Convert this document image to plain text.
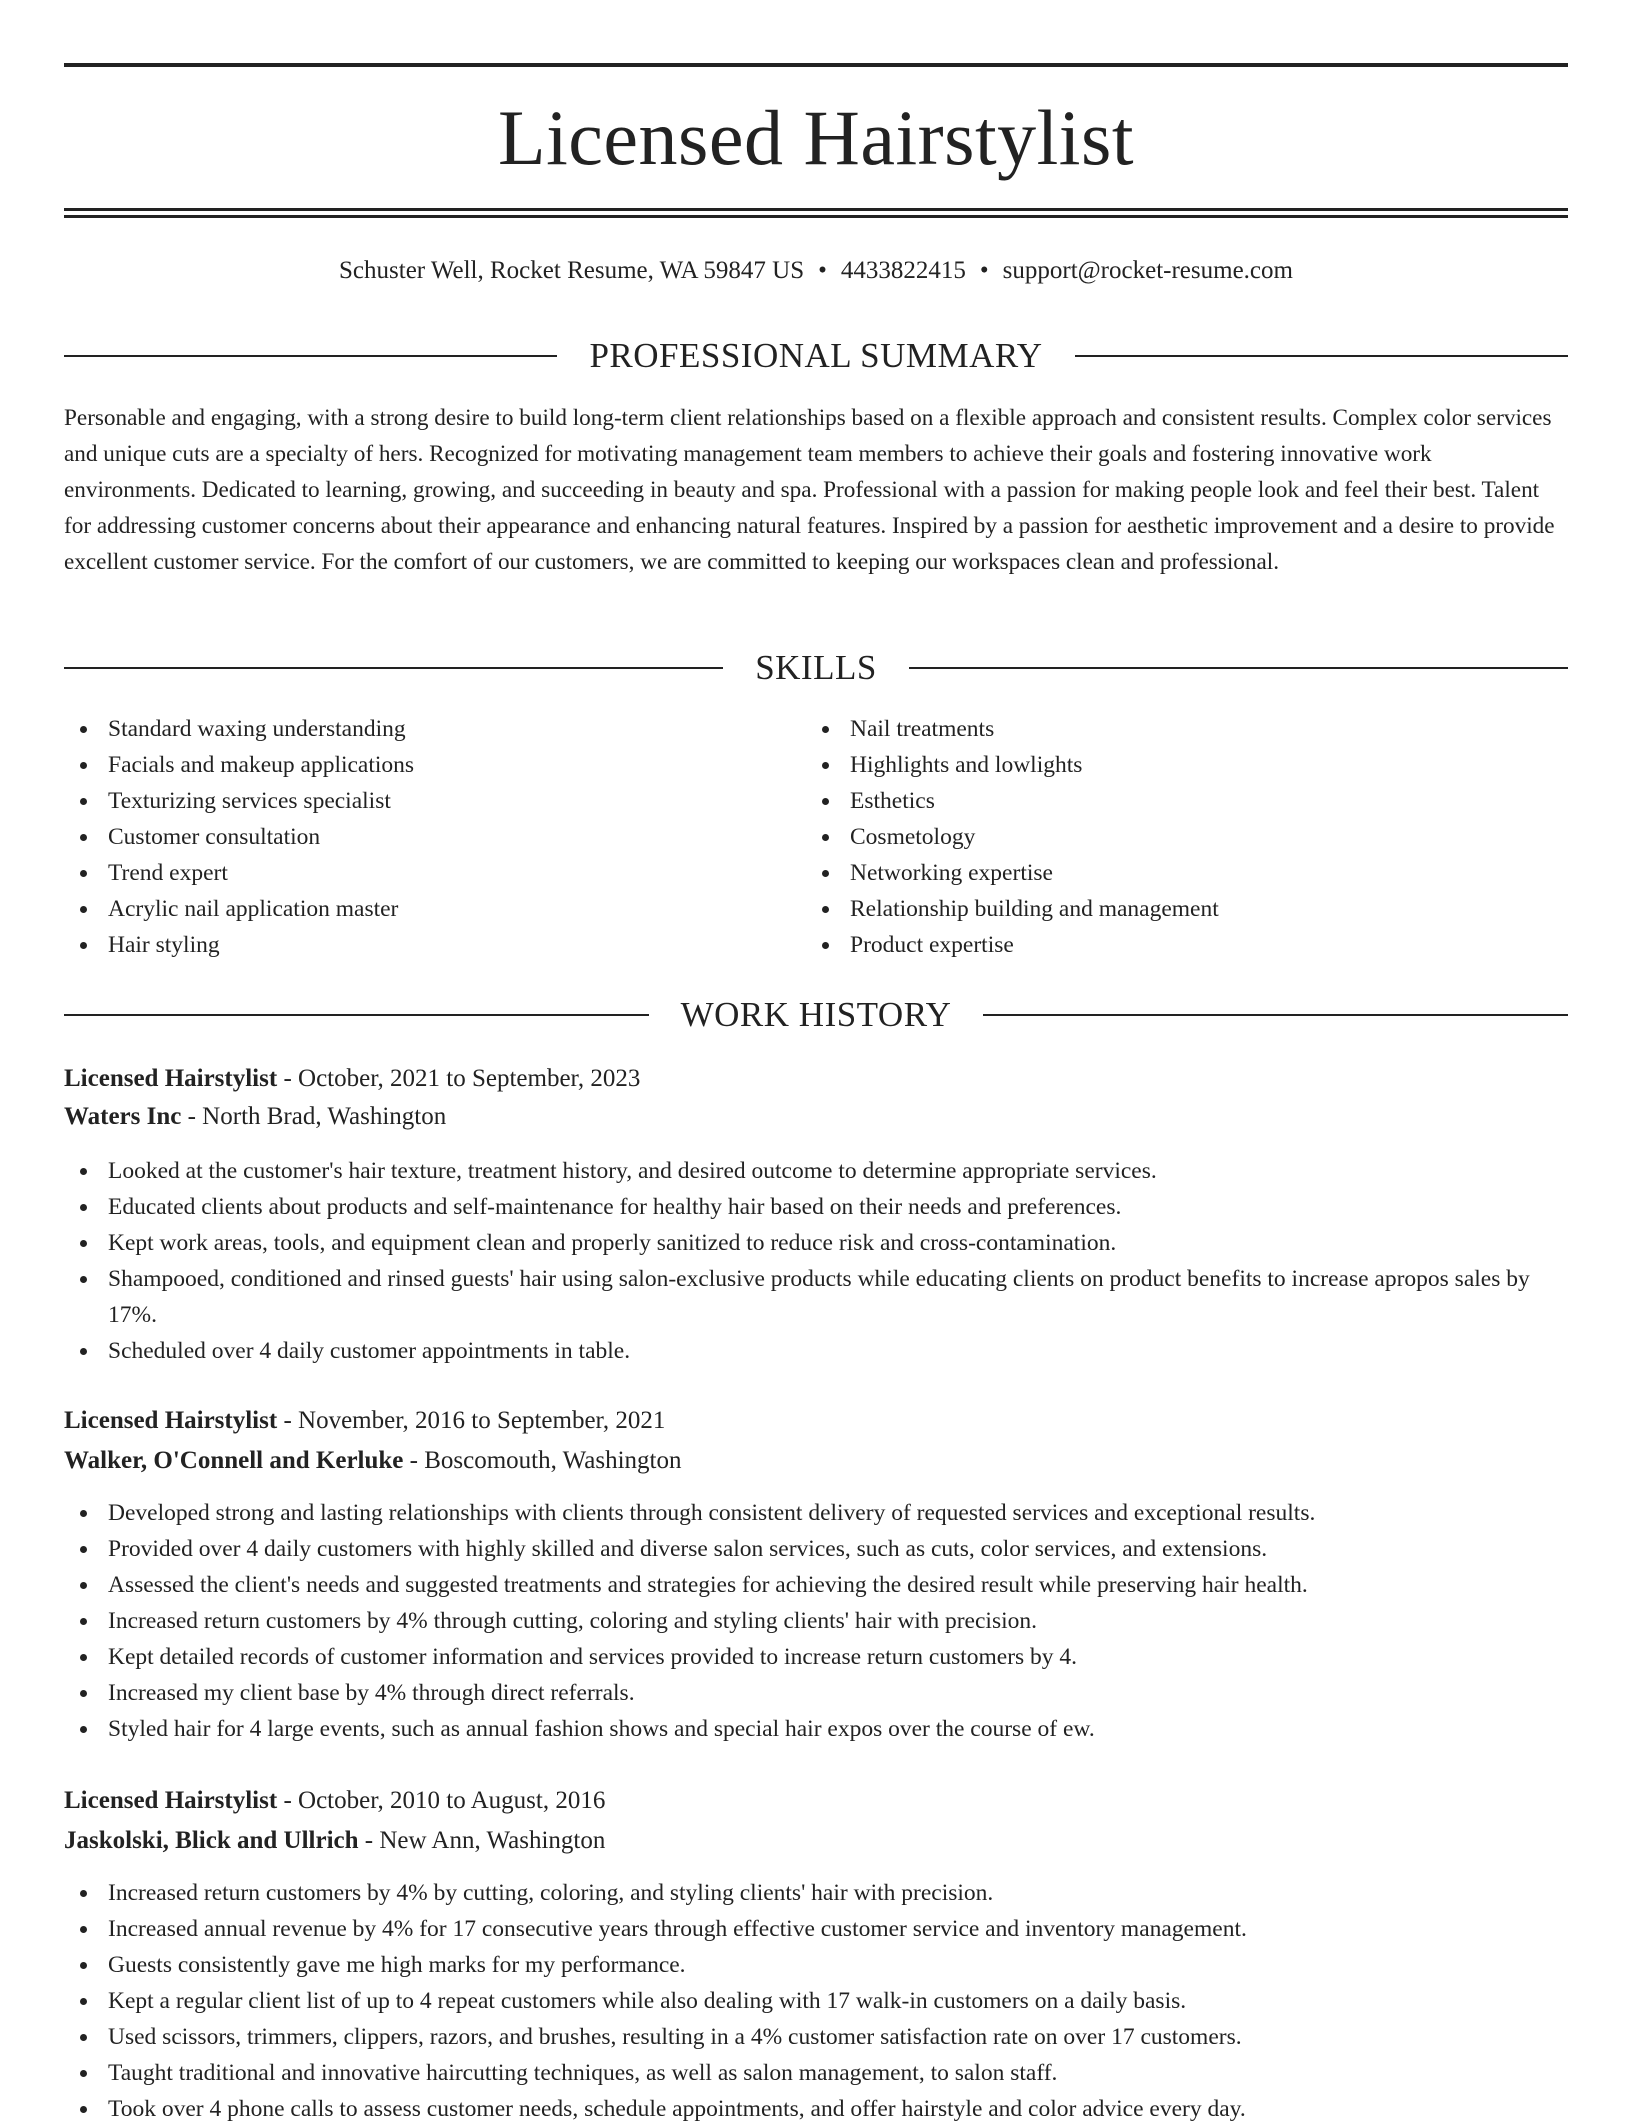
Licensed Hairstylist
Schuster Well, Rocket Resume, WA 59847 US • 4433822415 • support@rocket-resume.com
PROFESSIONAL SUMMARY

Personable and engaging, with a strong desire to build long-term client relationships based on a flexible approach and consistent results. Complex color services and unique cuts are a specialty of hers. Recognized for motivating management team members to achieve their goals and fostering innovative work environments. Dedicated to learning, growing, and succeeding in beauty and spa. Professional with a passion for making people look and feel their best. Talent for addressing customer concerns about their appearance and enhancing natural features. Inspired by a passion for aesthetic improvement and a desire to provide excellent customer service. For the comfort of our customers, we are committed to keeping our workspaces clean and professional.

SKILLS
Standard waxing understanding
Facials and makeup applications
Texturizing services specialist
Customer consultation
Trend expert
Acrylic nail application master
Hair styling
Nail treatments
Highlights and lowlights
Esthetics
Cosmetology
Networking expertise
Relationship building and management
Product expertise
WORK HISTORY
Licensed Hairstylist - October, 2021 to September, 2023
Waters Inc - North Brad, Washington
Looked at the customer's hair texture, treatment history, and desired outcome to determine appropriate services.
Educated clients about products and self-maintenance for healthy hair based on their needs and preferences.
Kept work areas, tools, and equipment clean and properly sanitized to reduce risk and cross-contamination.
Shampooed, conditioned and rinsed guests' hair using salon-exclusive products while educating clients on product benefits to increase apropos sales by 17%.
Scheduled over 4 daily customer appointments in table.
Licensed Hairstylist - November, 2016 to September, 2021
Walker, O'Connell and Kerluke - Boscomouth, Washington
Developed strong and lasting relationships with clients through consistent delivery of requested services and exceptional results.
Provided over 4 daily customers with highly skilled and diverse salon services, such as cuts, color services, and extensions.
Assessed the client's needs and suggested treatments and strategies for achieving the desired result while preserving hair health.
Increased return customers by 4% through cutting, coloring and styling clients' hair with precision.
Kept detailed records of customer information and services provided to increase return customers by 4.
Increased my client base by 4% through direct referrals.
Styled hair for 4 large events, such as annual fashion shows and special hair expos over the course of ew.
Licensed Hairstylist - October, 2010 to August, 2016
Jaskolski, Blick and Ullrich - New Ann, Washington
Increased return customers by 4% by cutting, coloring, and styling clients' hair with precision.
Increased annual revenue by 4% for 17 consecutive years through effective customer service and inventory management.
Guests consistently gave me high marks for my performance.
Kept a regular client list of up to 4 repeat customers while also dealing with 17 walk-in customers on a daily basis.
Used scissors, trimmers, clippers, razors, and brushes, resulting in a 4% customer satisfaction rate on over 17 customers.
Taught traditional and innovative haircutting techniques, as well as salon management, to salon staff.
Took over 4 phone calls to assess customer needs, schedule appointments, and offer hairstyle and color advice every day.
